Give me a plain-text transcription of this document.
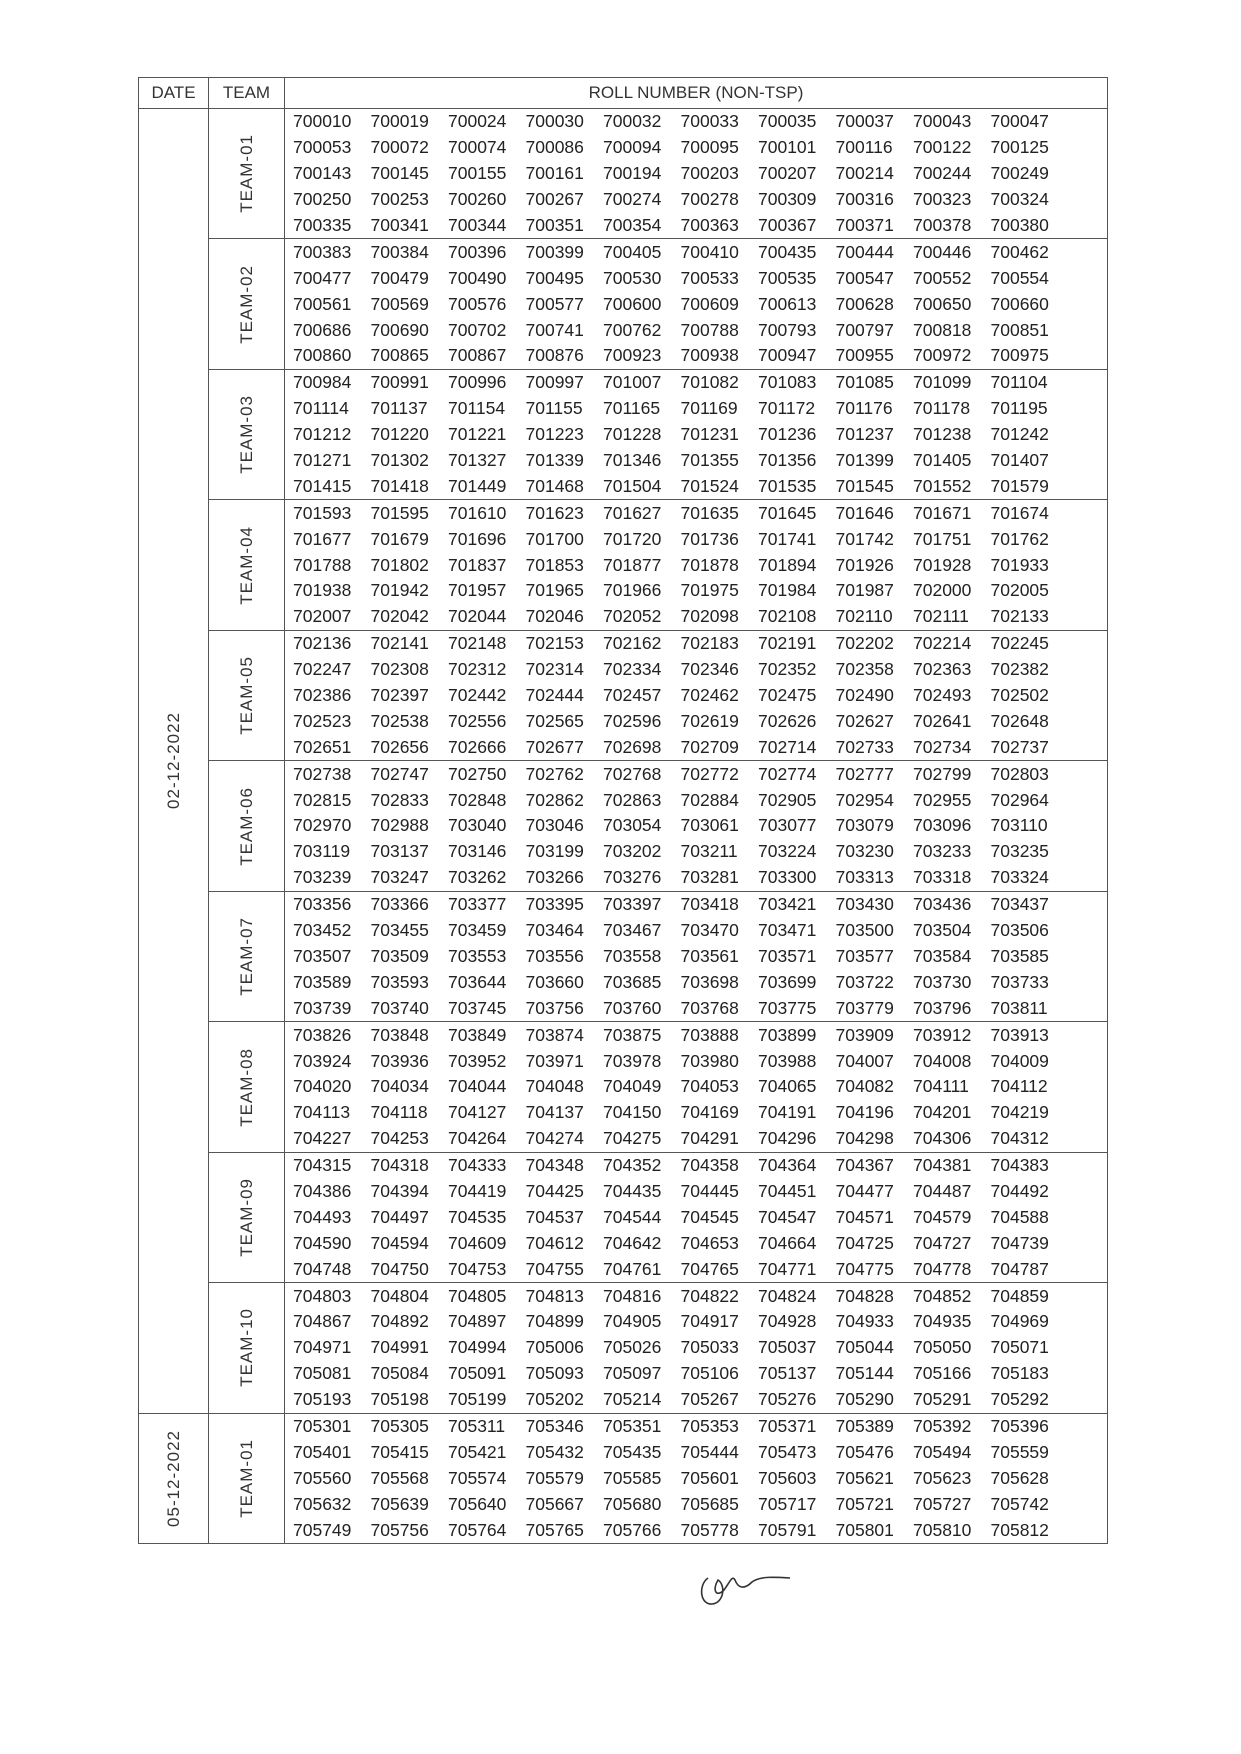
DATE	TEAM	ROLL NUMBER (NON-TSP)

02-12-2022	TEAM-01	700010 700019 700024 700030 700032 700033 700035 700037 700043 700047
		700053 700072 700074 700086 700094 700095 700101 700116 700122 700125
		700143 700145 700155 700161 700194 700203 700207 700214 700244 700249
		700250 700253 700260 700267 700274 700278 700309 700316 700323 700324
		700335 700341 700344 700351 700354 700363 700367 700371 700378 700380

	TEAM-02	700383 700384 700396 700399 700405 700410 700435 700444 700446 700462
		700477 700479 700490 700495 700530 700533 700535 700547 700552 700554
		700561 700569 700576 700577 700600 700609 700613 700628 700650 700660
		700686 700690 700702 700741 700762 700788 700793 700797 700818 700851
		700860 700865 700867 700876 700923 700938 700947 700955 700972 700975

	TEAM-03	700984 700991 700996 700997 701007 701082 701083 701085 701099 701104
		701114 701137 701154 701155 701165 701169 701172 701176 701178 701195
		701212 701220 701221 701223 701228 701231 701236 701237 701238 701242
		701271 701302 701327 701339 701346 701355 701356 701399 701405 701407
		701415 701418 701449 701468 701504 701524 701535 701545 701552 701579

	TEAM-04	701593 701595 701610 701623 701627 701635 701645 701646 701671 701674
		701677 701679 701696 701700 701720 701736 701741 701742 701751 701762
		701788 701802 701837 701853 701877 701878 701894 701926 701928 701933
		701938 701942 701957 701965 701966 701975 701984 701987 702000 702005
		702007 702042 702044 702046 702052 702098 702108 702110 702111 702133

	TEAM-05	702136 702141 702148 702153 702162 702183 702191 702202 702214 702245
		702247 702308 702312 702314 702334 702346 702352 702358 702363 702382
		702386 702397 702442 702444 702457 702462 702475 702490 702493 702502
		702523 702538 702556 702565 702596 702619 702626 702627 702641 702648
		702651 702656 702666 702677 702698 702709 702714 702733 702734 702737

	TEAM-06	702738 702747 702750 702762 702768 702772 702774 702777 702799 702803
		702815 702833 702848 702862 702863 702884 702905 702954 702955 702964
		702970 702988 703040 703046 703054 703061 703077 703079 703096 703110
		703119 703137 703146 703199 703202 703211 703224 703230 703233 703235
		703239 703247 703262 703266 703276 703281 703300 703313 703318 703324

	TEAM-07	703356 703366 703377 703395 703397 703418 703421 703430 703436 703437
		703452 703455 703459 703464 703467 703470 703471 703500 703504 703506
		703507 703509 703553 703556 703558 703561 703571 703577 703584 703585
		703589 703593 703644 703660 703685 703698 703699 703722 703730 703733
		703739 703740 703745 703756 703760 703768 703775 703779 703796 703811

	TEAM-08	703826 703848 703849 703874 703875 703888 703899 703909 703912 703913
		703924 703936 703952 703971 703978 703980 703988 704007 704008 704009
		704020 704034 704044 704048 704049 704053 704065 704082 704111 704112
		704113 704118 704127 704137 704150 704169 704191 704196 704201 704219
		704227 704253 704264 704274 704275 704291 704296 704298 704306 704312

	TEAM-09	704315 704318 704333 704348 704352 704358 704364 704367 704381 704383
		704386 704394 704419 704425 704435 704445 704451 704477 704487 704492
		704493 704497 704535 704537 704544 704545 704547 704571 704579 704588
		704590 704594 704609 704612 704642 704653 704664 704725 704727 704739
		704748 704750 704753 704755 704761 704765 704771 704775 704778 704787

	TEAM-10	704803 704804 704805 704813 704816 704822 704824 704828 704852 704859
		704867 704892 704897 704899 704905 704917 704928 704933 704935 704969
		704971 704991 704994 705006 705026 705033 705037 705044 705050 705071
		705081 705084 705091 705093 705097 705106 705137 705144 705166 705183
		705193 705198 705199 705202 705214 705267 705276 705290 705291 705292

05-12-2022	TEAM-01	705301 705305 705311 705346 705351 705353 705371 705389 705392 705396
		705401 705415 705421 705432 705435 705444 705473 705476 705494 705559
		705560 705568 705574 705579 705585 705601 705603 705621 705623 705628
		705632 705639 705640 705667 705680 705685 705717 705721 705727 705742
		705749 705756 705764 705765 705766 705778 705791 705801 705810 705812
